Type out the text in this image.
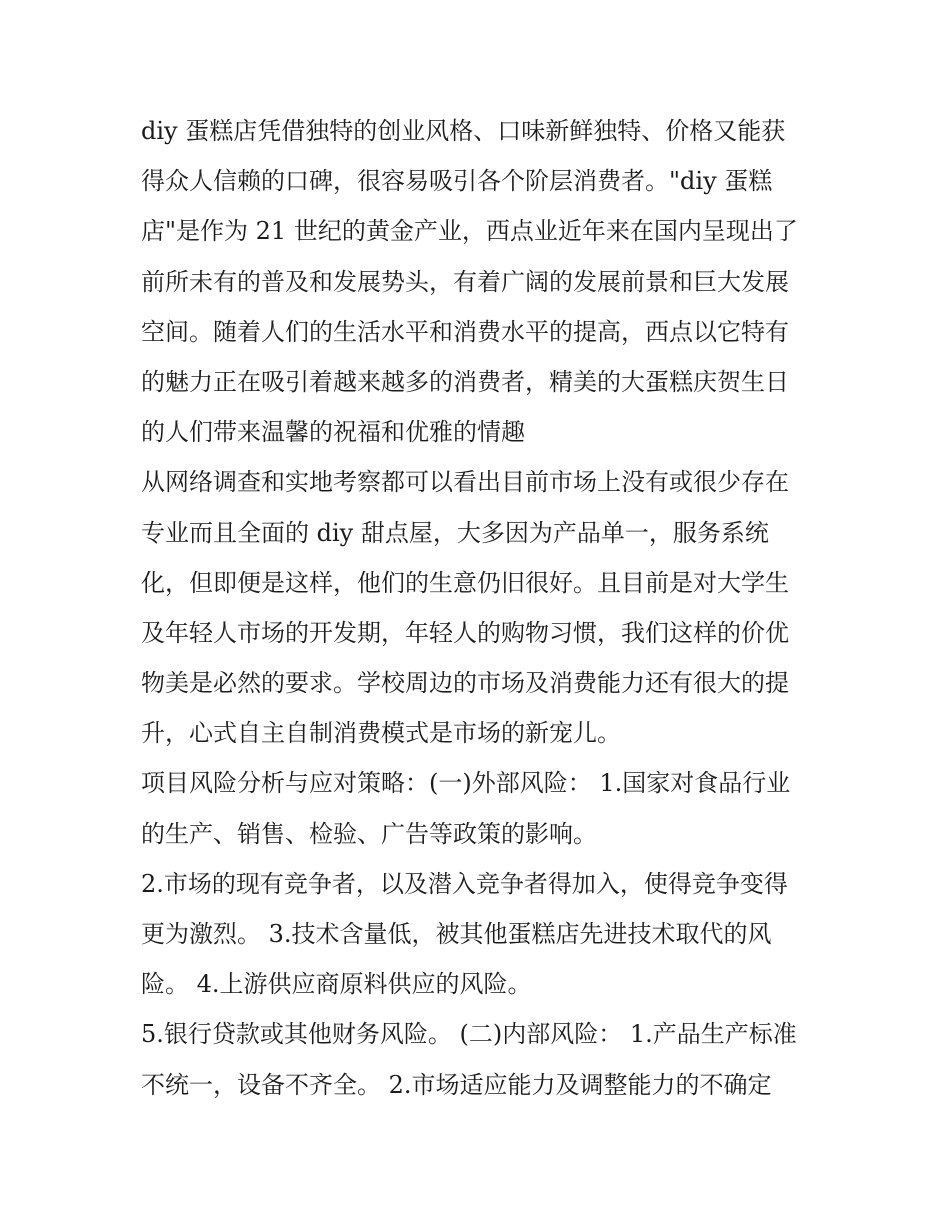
diy 蛋糕店凭借独特的创业风格、口味新鲜独特、价格又能获
得众人信赖的口碑，很容易吸引各个阶层消费者。"diy 蛋糕
店"是作为 21 世纪的黄金产业，西点业近年来在国内呈现出了
前所未有的普及和发展势头，有着广阔的发展前景和巨大发展
空间。随着人们的生活水平和消费水平的提高，西点以它特有
的魅力正在吸引着越来越多的消费者，精美的大蛋糕庆贺生日
的人们带来温馨的祝福和优雅的情趣
从网络调查和实地考察都可以看出目前市场上没有或很少存在
专业而且全面的 diy 甜点屋，大多因为产品单一，服务系统
化，但即便是这样，他们的生意仍旧很好。且目前是对大学生
及年轻人市场的开发期，年轻人的购物习惯，我们这样的价优
物美是必然的要求。学校周边的市场及消费能力还有很大的提
升，心式自主自制消费模式是市场的新宠儿。
项目风险分析与应对策略：(一)外部风险： 1.国家对食品行业
的生产、销售、检验、广告等政策的影响。
2.市场的现有竞争者，以及潜入竞争者得加入，使得竞争变得
更为激烈。 3.技术含量低，被其他蛋糕店先进技术取代的风
险。 4.上游供应商原料供应的风险。
5.银行贷款或其他财务风险。 (二)内部风险： 1.产品生产标准
不统一，设备不齐全。 2.市场适应能力及调整能力的不确定
